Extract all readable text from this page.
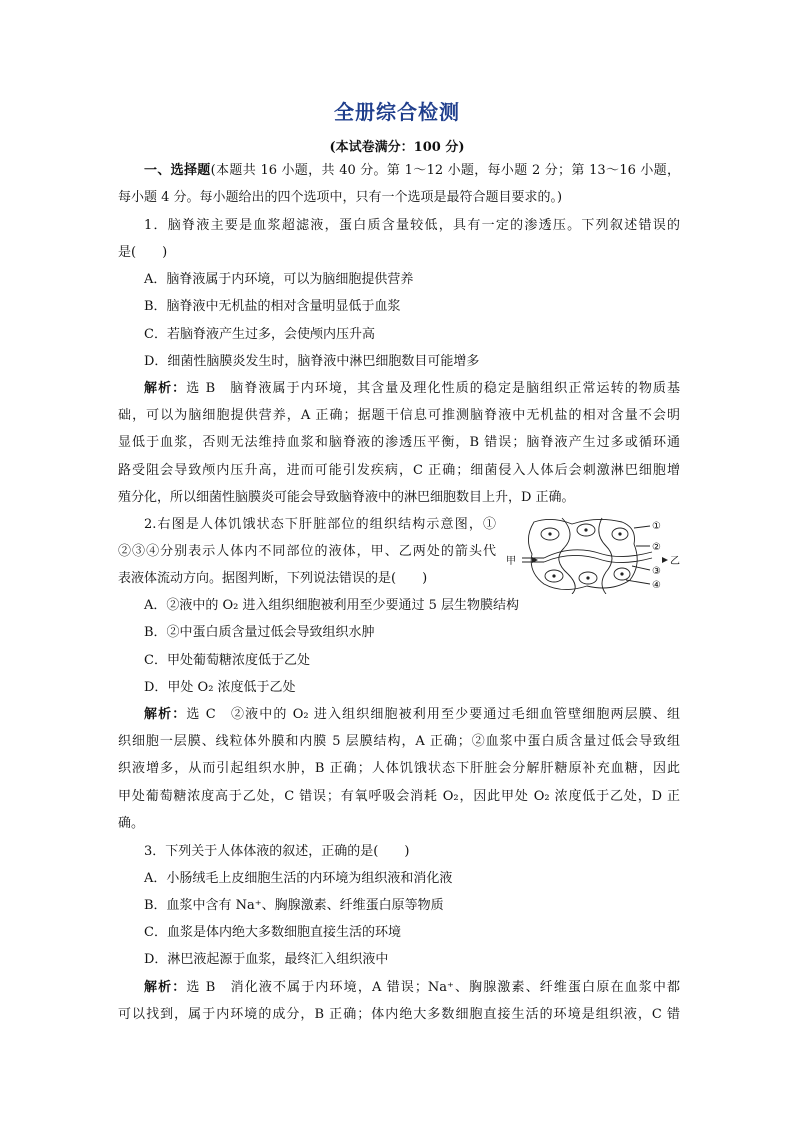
全册综合检测
(本试卷满分：100 分)
一、选择题(本题共 16 小题，共 40 分。第 1～12 小题，每小题 2 分；第 13～16 小题，
每小题 4 分。每小题给出的四个选项中，只有一个选项是最符合题目要求的。)
1．脑脊液主要是血浆超滤液，蛋白质含量较低，具有一定的渗透压。下列叙述错误的
是(　　)
A．脑脊液属于内环境，可以为脑细胞提供营养
B．脑脊液中无机盐的相对含量明显低于血浆
C．若脑脊液产生过多，会使颅内压升高
D．细菌性脑膜炎发生时，脑脊液中淋巴细胞数目可能增多
解析：选 B　脑脊液属于内环境，其含量及理化性质的稳定是脑组织正常运转的物质基
础，可以为脑细胞提供营养，A 正确；据题干信息可推测脑脊液中无机盐的相对含量不会明
显低于血浆，否则无法维持血浆和脑脊液的渗透压平衡，B 错误；脑脊液产生过多或循环通
路受阻会导致颅内压升高，进而可能引发疾病，C 正确；细菌侵入人体后会刺激淋巴细胞增
殖分化，所以细菌性脑膜炎可能会导致脑脊液中的淋巴细胞数目上升，D 正确。
2.右图是人体饥饿状态下肝脏部位的组织结构示意图，①
②③④分别表示人体内不同部位的液体，甲、乙两处的箭头代
表液体流动方向。据图判断，下列说法错误的是(　　)
甲	乙
①
②
③
④
A．②液中的 O₂ 进入组织细胞被利用至少要通过 5 层生物膜结构
B．②中蛋白质含量过低会导致组织水肿
C．甲处葡萄糖浓度低于乙处
D．甲处 O₂ 浓度低于乙处
解析：选 C　②液中的 O₂ 进入组织细胞被利用至少要通过毛细血管壁细胞两层膜、组
织细胞一层膜、线粒体外膜和内膜 5 层膜结构，A 正确；②血浆中蛋白质含量过低会导致组
织液增多，从而引起组织水肿，B 正确；人体饥饿状态下肝脏会分解肝糖原补充血糖，因此
甲处葡萄糖浓度高于乙处，C 错误；有氧呼吸会消耗 O₂，因此甲处 O₂ 浓度低于乙处，D 正
确。
3．下列关于人体体液的叙述，正确的是(　　)
A．小肠绒毛上皮细胞生活的内环境为组织液和消化液
B．血浆中含有 Na⁺、胸腺激素、纤维蛋白原等物质
C．血浆是体内绝大多数细胞直接生活的环境
D．淋巴液起源于血浆，最终汇入组织液中
解析：选 B　消化液不属于内环境，A 错误；Na⁺、胸腺激素、纤维蛋白原在血浆中都
可以找到，属于内环境的成分，B 正确；体内绝大多数细胞直接生活的环境是组织液，C 错
